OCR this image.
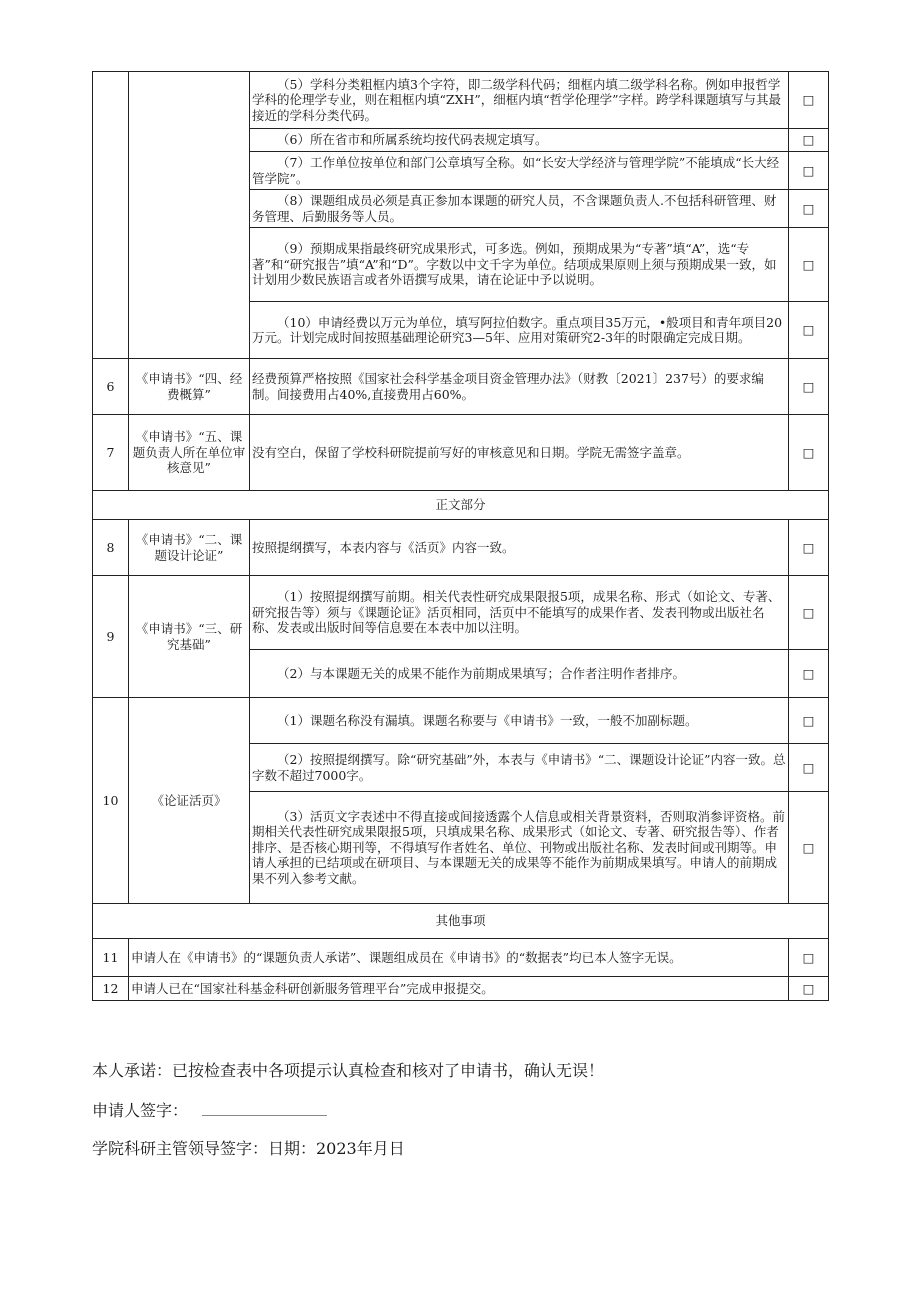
		（5）学科分类粗框内填3个字符，即二级学科代码；细框内填二级学科名称。例如申报哲学学科的伦理学专业，则在粗框内填“ZXH”，细框内填“哲学伦理学”字样。跨学科课题填写与其最接近的学科分类代码。	□
		（6）所在省市和所属系统均按代码表规定填写。	□
		（7）工作单位按单位和部门公章填写全称。如“长安大学经济与管理学院”不能填成“长大经管学院”。	□
		（8）课题组成员必须是真正参加本课题的研究人员，不含课题负责人.不包括科研管理、财务管理、后勤服务等人员。	□
		（9）预期成果指最终研究成果形式，可多选。例如，预期成果为“专著”填“A”，选“专著”和“研究报告”填“A”和“D”。字数以中文千字为单位。结项成果原则上须与预期成果一致，如计划用少数民族语言或者外语撰写成果，请在论证中予以说明。	□
		（10）申请经费以万元为单位，填写阿拉伯数字。重点项目35万元，•般项目和青年项目20万元。计划完成时间按照基础理论研究3—5年、应用对策研究2-3年的时限确定完成日期。	□
6	《申请书》“四、经费概算”	经费预算严格按照《国家社会科学基金项目资金管理办法》（财教〔2021〕237号）的要求编制。间接费用占40%,直接费用占60%。	□
7	《申请书》“五、课题负责人所在单位审核意见”	没有空白，保留了学校科研院提前写好的审核意见和日期。学院无需签字盖章。	□
正文部分			
8	《申请书》“二、课题设计论证”	按照提纲撰写，本表内容与《活页》内容一致。	□
9	《申请书》“三、研究基础”	（1）按照提纲撰写前期。相关代表性研究成果限报5项，成果名称、形式（如论文、专著、研究报告等）须与《课题论证》活页相同，活页中不能填写的成果作者、发表刊物或出版社名称、发表或出版时间等信息要在本表中加以注明。	□
		（2）与本课题无关的成果不能作为前期成果填写；合作者注明作者排序。	□
10	《论证活页》	（1）课题名称没有漏填。课题名称要与《申请书》一致，一般不加副标题。	□
		（2）按照提纲撰写。除“研究基础”外，本表与《申请书》“二、课题设计论证”内容一致。总字数不超过7000字。	□
		（3）活页文字表述中不得直接或间接透露个人信息或相关背景资料，否则取消参评资格。前期相关代表性研究成果限报5项，只填成果名称、成果形式（如论文、专著、研究报告等）、作者排序、是否核心期刊等，不得填写作者姓名、单位、刊物或出版社名称、发表时间或刊期等。申请人承担的已结项或在研项目、与本课题无关的成果等不能作为前期成果填写。申请人的前期成果不列入参考文献。	□
其他事项			
11	申请人在《申请书》的“课题负责人承诺”、课题组成员在《申请书》的“数据表”均已本人签字无误。		□
12	申请人已在“国家社科基金科研创新服务管理平台”完成申报提交。		□
本人承诺：已按检查表中各项提示认真检查和核对了申请书，确认无误！
申请人签字：
学院科研主管领导签字：日期：2023年月日
